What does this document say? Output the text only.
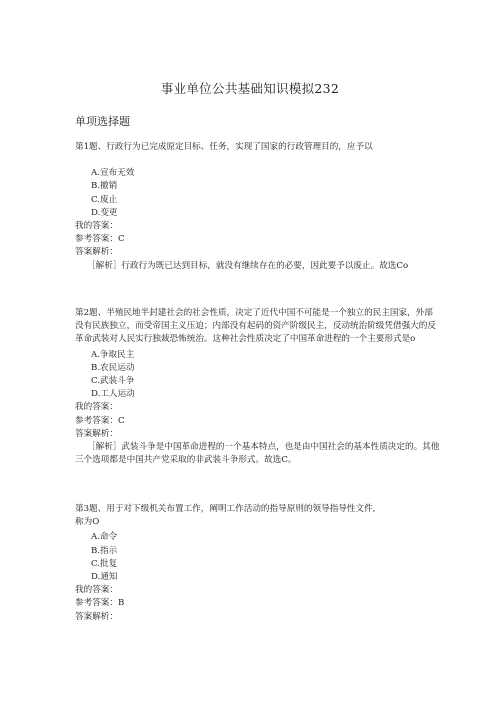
事业单位公共基础知识模拟232
单项选择题

第1题、行政行为已完成原定目标、任务，实现了国家的行政管理目的，应予以

A.宣布无效
B.撤销
C.废止
D.变更

我的答案：

参考答案：C

答案解析：

［解析］行政行为既已达到目标，就没有继续存在的必要，因此要予以废止。故选Co

第2题、半殖民地半封建社会的社会性质，决定了近代中国不可能是一个独立的民主国家，外部没有民族独立，而受帝国主义压迫；内部没有起码的资产阶级民主，反动统治阶级凭借强大的反革命武装对人民实行独裁恐怖统治。这种社会性质决定了中国革命进程的一个主要形式是o

A.争取民主
B.农民运动
C.武装斗争
D.工人运动

我的答案：

参考答案：C

答案解析：

［解析］武装斗争是中国革命进程的一个基本特点，也是由中国社会的基本性质决定的。其他三个选项都是中国共产党采取的非武装斗争形式。故选C。

第3题、用于对下级机关布置工作，阐明工作活动的指导原则的领导指导性文件,

称为O

A.命令
B.指示
C.批复
D.通知

我的答案：

参考答案：B

答案解析：
